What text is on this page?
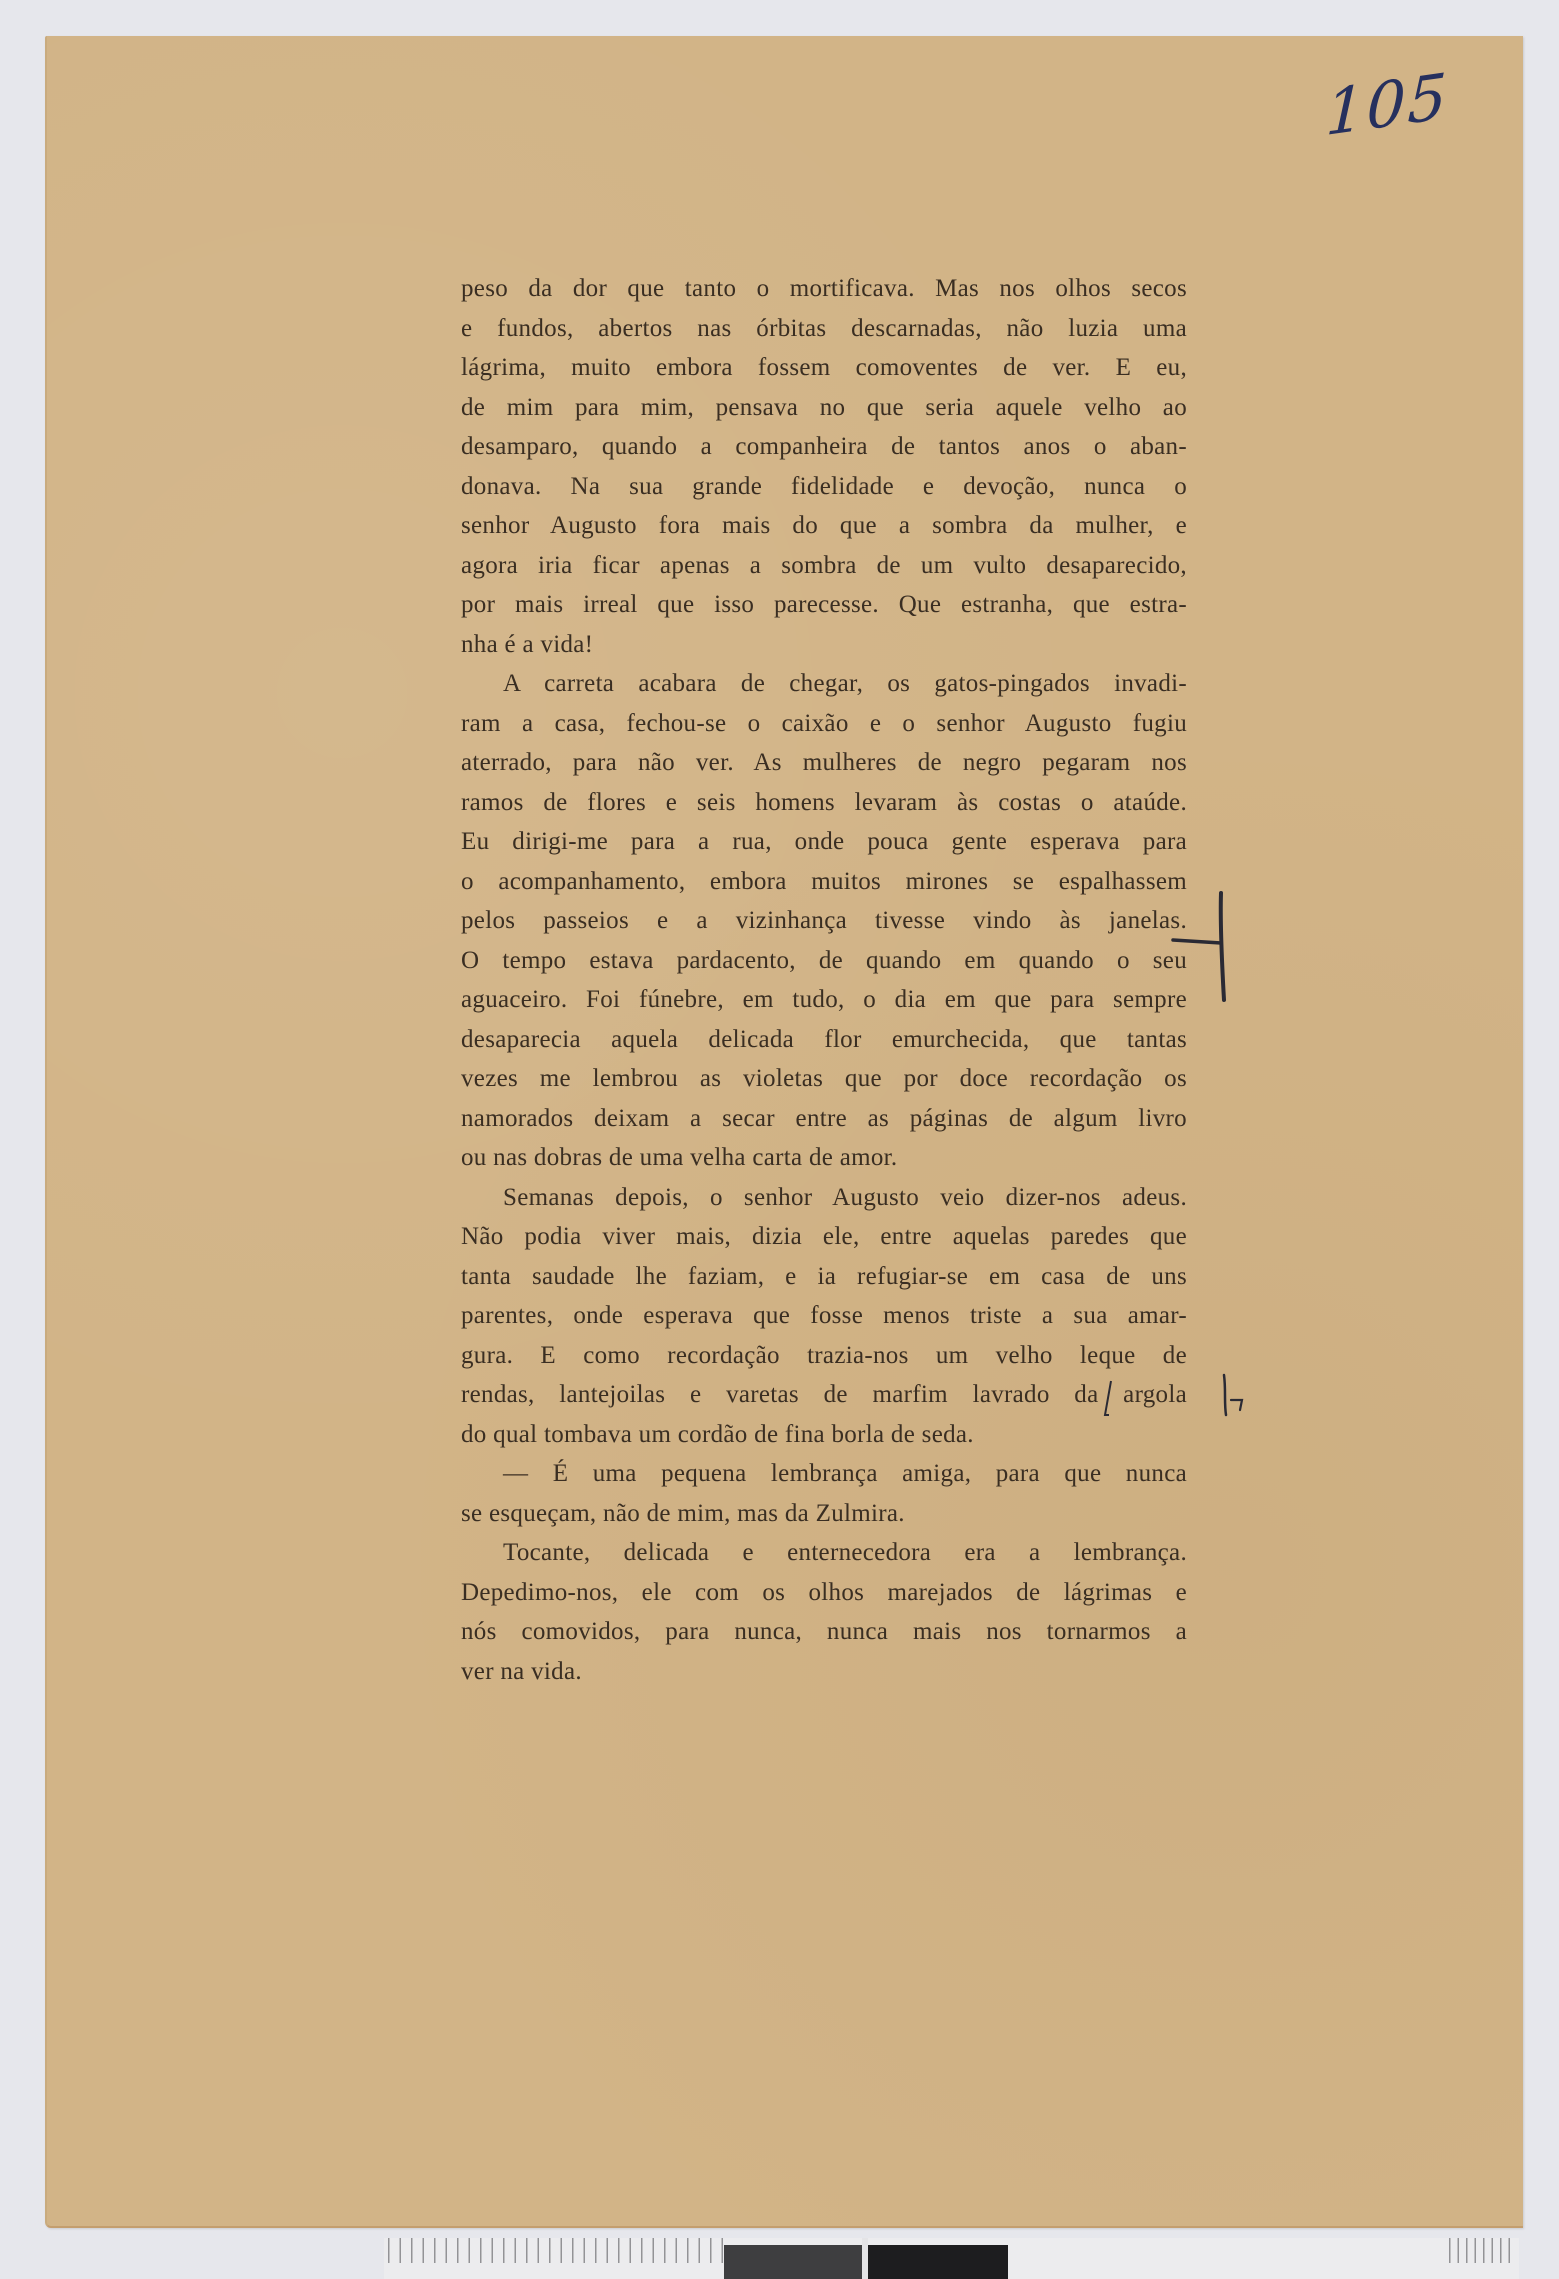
105
peso da dor que tanto o mortificava. Mas nos olhos secos
e fundos, abertos nas órbitas descarnadas, não luzia uma
lágrima, muito embora fossem comoventes de ver. E eu,
de mim para mim, pensava no que seria aquele velho ao
desamparo, quando a companheira de tantos anos o aban-
donava. Na sua grande fidelidade e devoção, nunca o
senhor Augusto fora mais do que a sombra da mulher, e
agora iria ficar apenas a sombra de um vulto desaparecido,
por mais irreal que isso parecesse. Que estranha, que estra-
nha é a vida!
A carreta acabara de chegar, os gatos-pingados invadi-
ram a casa, fechou-se o caixão e o senhor Augusto fugiu
aterrado, para não ver. As mulheres de negro pegaram nos
ramos de flores e seis homens levaram às costas o ataúde.
Eu dirigi-me para a rua, onde pouca gente esperava para
o acompanhamento, embora muitos mirones se espalhassem
pelos passeios e a vizinhança tivesse vindo às janelas.
O tempo estava pardacento, de quando em quando o seu
aguaceiro. Foi fúnebre, em tudo, o dia em que para sempre
desaparecia aquela delicada flor emurchecida, que tantas
vezes me lembrou as violetas que por doce recordação os
namorados deixam a secar entre as páginas de algum livro
ou nas dobras de uma velha carta de amor.
Semanas depois, o senhor Augusto veio dizer-nos adeus.
Não podia viver mais, dizia ele, entre aquelas paredes que
tanta saudade lhe faziam, e ia refugiar-se em casa de uns
parentes, onde esperava que fosse menos triste a sua amar-
gura. E como recordação trazia-nos um velho leque de
rendas, lantejoilas e varetas de marfim lavrado da argola
do qual tombava um cordão de fina borla de seda.
— É uma pequena lembrança amiga, para que nunca
se esqueçam, não de mim, mas da Zulmira.
Tocante, delicada e enternecedora era a lembrança.
Depedimo-nos, ele com os olhos marejados de lágrimas e
nós comovidos, para nunca, nunca mais nos tornarmos a
ver na vida.
